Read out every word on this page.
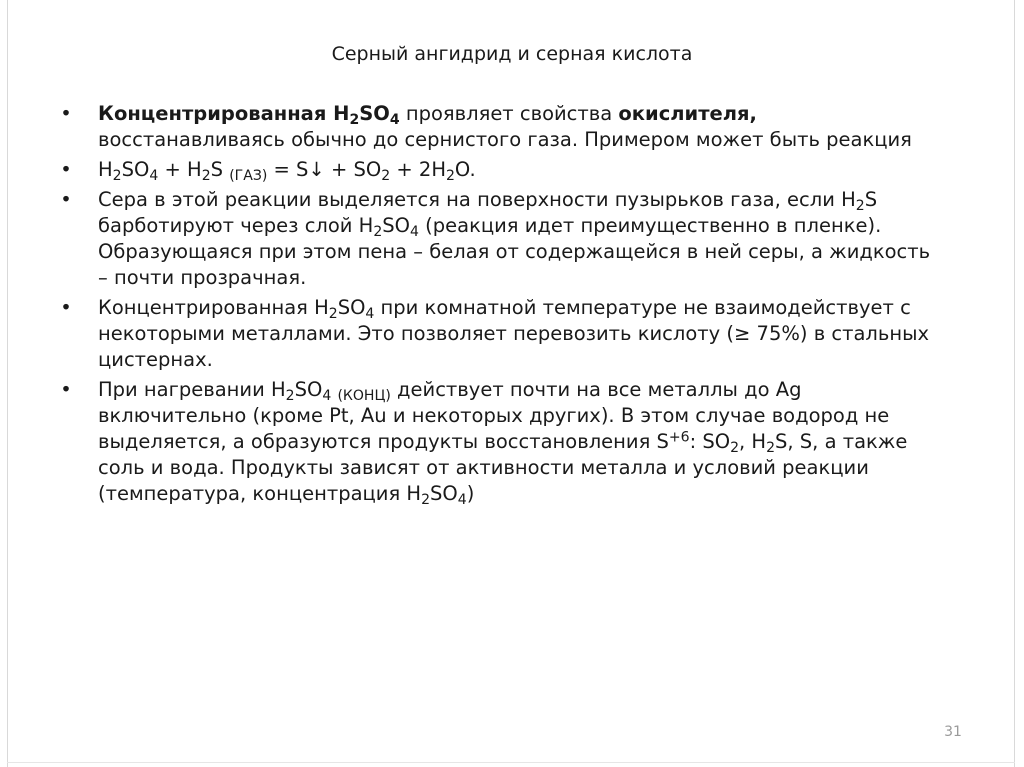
Серный ангидрид и серная кислота
• Концентрированная $H_2SO_4$ проявляет свойства окислителя, восстанавливаясь обычно до сернистого газа. Примером может быть реакция
• $H_2SO_4 + H_2S$ $_{(ГАЗ)}$ = S↓ + $SO_2 + 2H_2O$.
• Сера в этой реакции выделяется на поверхности пузырьков газа, если $H_2S$ барботируют через слой $H_2SO_4$ (реакция идет преимущественно в пленке). Образующаяся при этом пена – белая от содержащейся в ней серы, а жидкость – почти прозрачная.
• Концентрированная $H_2SO_4$ при комнатной температуре не взаимодействует с некоторыми металлами. Это позволяет перевозить кислоту (≥ 75%) в стальных цистернах.
• При нагревании $H_2SO_4$ $_{(КОНЦ)}$ действует почти на все металлы до Ag включительно (кроме Pt, Au и некоторых других). В этом случае водород не выделяется, а образуются продукты восстановления $S^{+6}$: $SO_2$, $H_2S$, S, а также соль и вода. Продукты зависят от активности металла и условий реакции (температура, концентрация $H_2SO_4$)
31
